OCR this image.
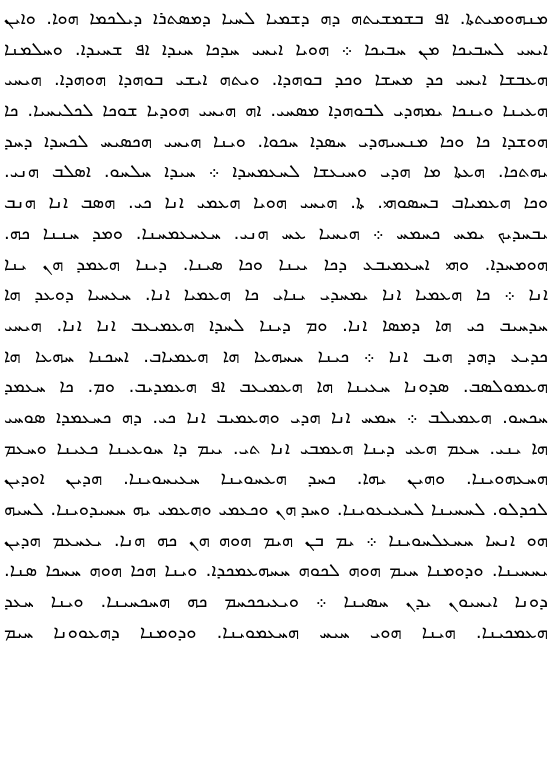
ܡܢܗܘܡܝܬܬܐ. ܐܦ ܒܫܡܫܝܬܗ ܕܗ ܕܫܡܝܐ ܠܚܝܐ ܕܡܣܬܪܐ ܕܝܠܟܡܐ ܗܘܐ. ܘܐܝܢ
ܐܝܚܝ ܠܚܒܝܟܐ ܡܢ ܚܒܝܟܐ ܀ ܗܘܝܐ ܐܝܚܝ ܚܕܟܐ ܚܝܕܐ ܐܦ ܫܚܝܕܐ. ܘܚܠܡܢܐ
ܗܥܒܫܐ ܐܝܚܝ ܟܕ ܡܚܫܐ ܘܟܕ ܒܘܗܕܐ. ܘܝܬܗ ܐܝܫܝ ܒܘܗܕܐ ܗܘܗܕܐ. ܗܝܚܝ
ܗܥܝܢܐ ܘܝܢܟܐ ܝܡܗܕܝ ܠܒܘܗܕܐ ܡܣܚܝ. ܐܗ ܗܝܚܝ ܗܘܕܝܐ ܫܘܟܐ ܠܟܠܝܚܝܐ. ܟܐ
ܗܘܫܕܐ ܟܐ ܘܟܐ ܡܢܚܝܗܕܝ ܚܣܕܐ ܚܟܘܐ. ܘܝܢܐ ܗܝܚܝ ܗܟܣܝܚ ܠܟܚܕܐ ܕܚܕ
ܝܗܬܟܐ. ܗܥܬܐ ܡܐ ܗܕܝ ܘܚܝܥܫܐ ܠܚܥܡܚܕܐ ܀ ܚܝܕܐ ܚܠܚܘ. ܐܣܠܒ ܗܢܝ.
ܘܟܐ ܗܥܡܝܐܒ ܒܚܣܘܗܝ. ܬܐ. ܗܝܚܝ ܗܘܝܐ ܗܥܡܝ ܐܢܐ ܟܝ. ܗܣܒ ܐܢܐ ܗܢܒ
ܝܒܚܕܝܟ ܝܡܚ ܟܚܡܚ ܀ ܗܝܚܝܐ ܥܚ ܗܢܝ. ܚܥܚܥܡܚܢܐ. ܘܡܕ ܚܢܢܐ ܟܗ.
ܗܘܡܚܕܐ. ܘܗܝ ܐܚܥܡܝܒܥ ܕܟܐ ܝܝܢܐ ܘܟܐ ܣܝܢܐ. ܕܝܢܐ ܗܥܡܕ ܗܢ ܝܢܐ
ܐܢܐ ܀ ܟܐ ܗܥܡܝܐ ܐܢܐ ܝܡܚܕܝ ܝܢܐܝ ܟܐ ܗܥܡܝܐ ܐܢܐ. ܚܥܚܝܐ ܕܘܥܕ ܗܐ
ܚܕܚܝܒ ܟܝ ܗܐ ܕܡܣܐ ܐܢܐ. ܘܡ ܕܝܢܐ ܠܚܕܐ ܗܥܡܝܥܒ ܐܢܐ ܐܢܐ. ܗܝܚܝ
ܟܕܝܥ ܕܗܕ ܗܝܒ ܐܢܐ ܀ ܟܝܢܐ ܚܚܗܥܐ ܗܐ ܗܥܡܝܐܒ. ܐܚܟܢܐ ܚܗܥܐ ܗܐ
ܗܥܡܘܠܣܒ. ܣܕܘܢܐ ܚܥܝܢܐ ܗܐ ܗܥܡܝܥܒ ܐܦ ܗܥܡܕܝܒ. ܘܡ. ܟܐ ܚܥܡܕ
ܚܟܚܘ. ܗܥܡܝܠܒ ܀ ܚܡܚ ܐܢܐ ܗܕܝ ܘܗܥܡܝܒ ܐܢܐ ܟܝ. ܕܗ ܟܚܥܡܕܐ ܣܘܚܝ
ܗܐ ܝܢܝ. ܚܥܡ ܗܥܝ ܕܝܢܐ ܗܥܡܒܝ ܐܢܐ ܬܝ. ܝܝܡ ܕܐ ܚܘܥܝܢܐ ܟܥܝܢܐ ܘܚܥܡ
ܗܚܥܗܘܝܢܐ. ܘܗܝܢ ܝܗܐ. ܟܚܕ ܗܥܚܘܝܢܐ ܚܥܝܚܘܝܢܐ. ܗܕܝܢ ܐܘܕܝܢ
ܠܟܕܠܘ. ܠܚܚܝܢܐ ܠܚܥܝܥܘܝܢܐ. ܘܚܕ ܗܢ ܘܟܥܡܝ ܘܗܥܡܝ ܝܗ ܚܚܝܕܘܝܢܐ. ܠܚܝܗ
ܗܘ ܐܢܚܐ ܚܚܥܠܚܘܝܢܐ ܀ ܝܡ ܒܢ ܗܝܡ ܗܘܗ ܗܢ ܟܗ ܗܢܐ. ܝܥܚܥܡ ܗܕܝܢ
ܝܚܚܝܢܐ. ܘܕܘܡܢܐ ܚܝܡ ܗܘܗ ܠܟܘܗ ܚܚܗܥܡܟܕܐ. ܘܝܢܐ ܗܟܐ ܗܘܗ ܚܚܟܐ ܣܢܐ.
ܕܘܢܐ ܐܝܚܝܘܢ ܝܕܢ ܚܣܝܢܐ ܀ ܘܝܥܝܟܟܚܡ ܟܗ ܗܚܟܚܝܢܐ. ܘܝܢܐ ܚܥܕ
ܗܥܡܟܝܢܐ. ܗܝܢܐ ܗܘܝ ܚܝܚ ܗܚܥܡܘܝܢܐ. ܘܕܘܡܢܐ ܕܗܥܘܘܢܐ ܚܝܡ
